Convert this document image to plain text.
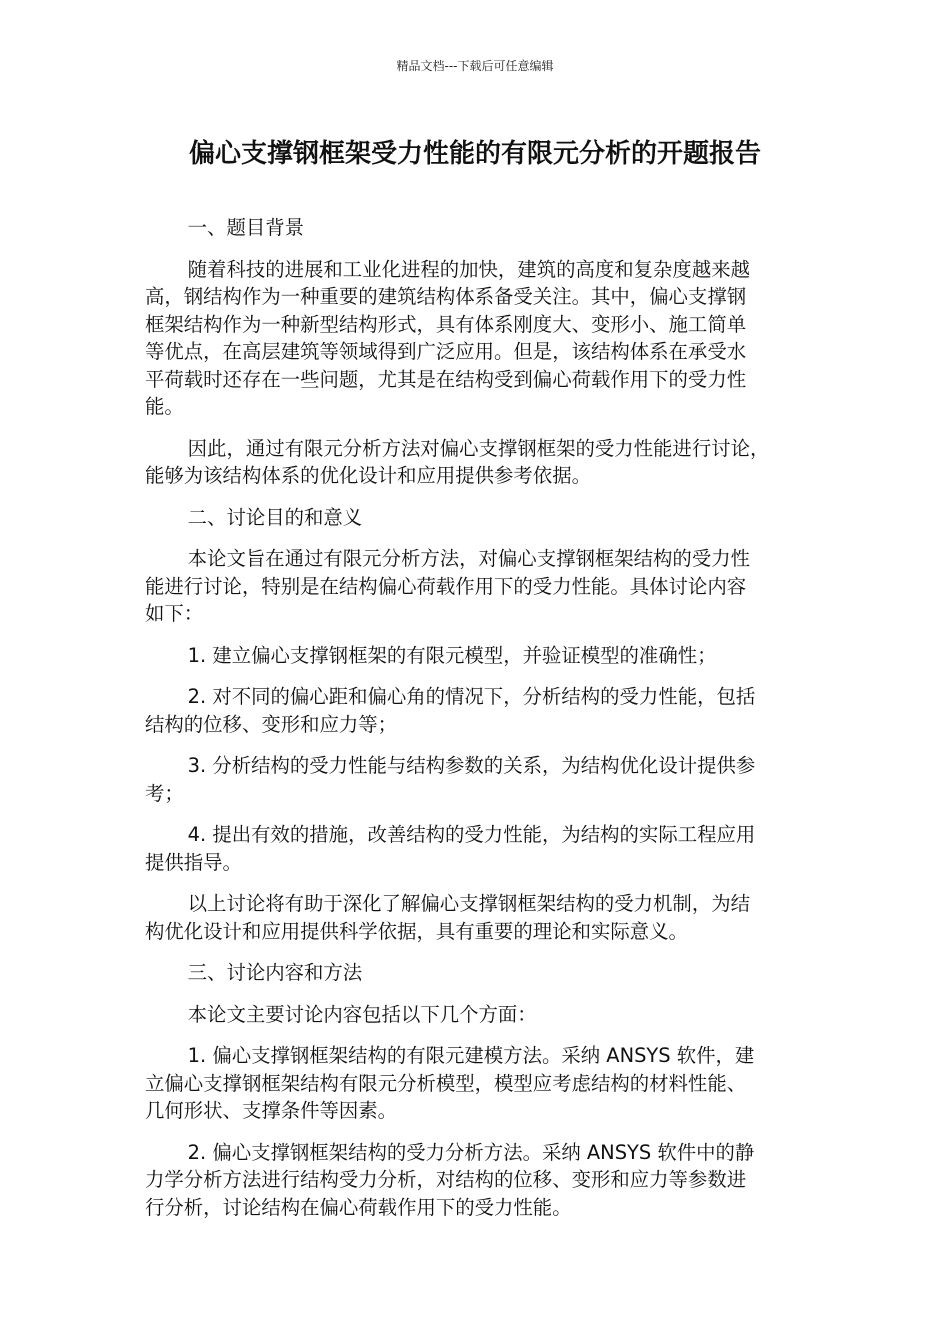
精品文档---下载后可任意编辑
偏心支撑钢框架受力性能的有限元分析的开题报告

一、题目背景

随着科技的进展和工业化进程的加快，建筑的高度和复杂度越来越
高，钢结构作为一种重要的建筑结构体系备受关注。其中，偏心支撑钢
框架结构作为一种新型结构形式，具有体系刚度大、变形小、施工简单
等优点，在高层建筑等领域得到广泛应用。但是，该结构体系在承受水
平荷载时还存在一些问题，尤其是在结构受到偏心荷载作用下的受力性
能。

因此，通过有限元分析方法对偏心支撑钢框架的受力性能进行讨论，
能够为该结构体系的优化设计和应用提供参考依据。

二、讨论目的和意义

本论文旨在通过有限元分析方法，对偏心支撑钢框架结构的受力性
能进行讨论，特别是在结构偏心荷载作用下的受力性能。具体讨论内容
如下：

1. 建立偏心支撑钢框架的有限元模型，并验证模型的准确性；

2. 对不同的偏心距和偏心角的情况下，分析结构的受力性能，包括
结构的位移、变形和应力等；

3. 分析结构的受力性能与结构参数的关系，为结构优化设计提供参
考；

4. 提出有效的措施，改善结构的受力性能，为结构的实际工程应用
提供指导。

以上讨论将有助于深化了解偏心支撑钢框架结构的受力机制，为结
构优化设计和应用提供科学依据，具有重要的理论和实际意义。

三、讨论内容和方法

本论文主要讨论内容包括以下几个方面：

1. 偏心支撑钢框架结构的有限元建模方法。采纳 ANSYS 软件，建
立偏心支撑钢框架结构有限元分析模型，模型应考虑结构的材料性能、
几何形状、支撑条件等因素。

2. 偏心支撑钢框架结构的受力分析方法。采纳 ANSYS 软件中的静
力学分析方法进行结构受力分析，对结构的位移、变形和应力等参数进
行分析，讨论结构在偏心荷载作用下的受力性能。
